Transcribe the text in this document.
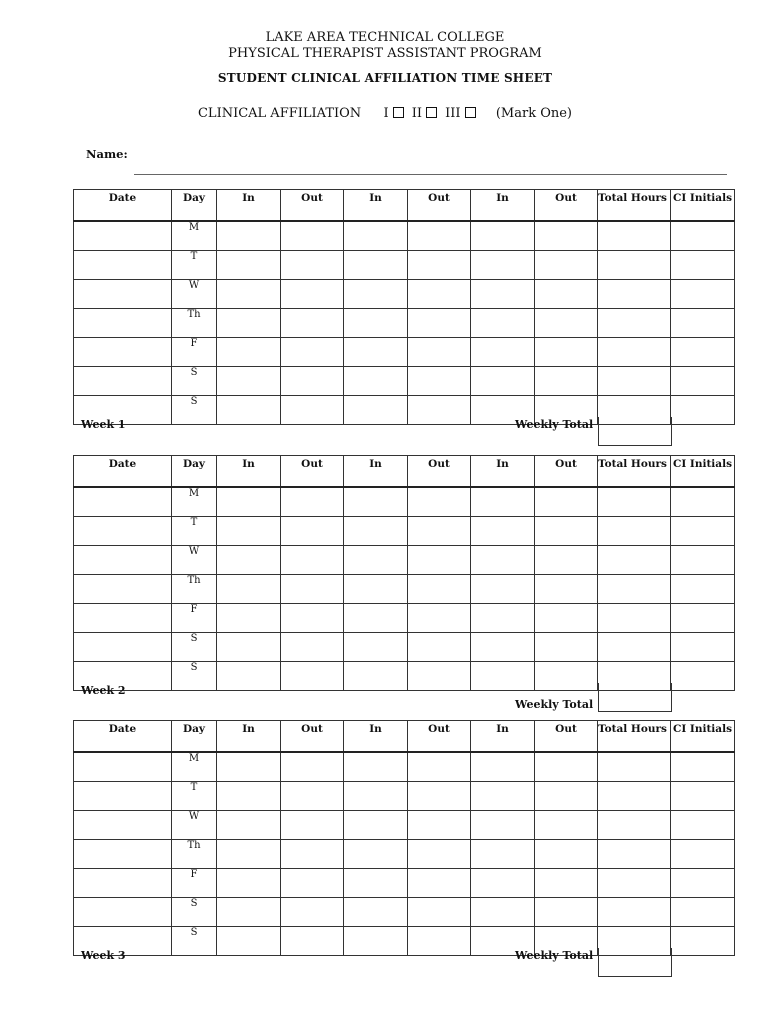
LAKE AREA TECHNICAL COLLEGE
PHYSICAL THERAPIST ASSISTANT PROGRAM
STUDENT CLINICAL AFFILIATION TIME SHEET
CLINICAL AFFILIATION I II III	(Mark One)
Name:
Date	Day	In	Out	In	Out	In	Out	Total Hours	CI Initials
	M								
	T								
	W								
	Th								
	F								
	S								
	S								
Week 1	Weekly Total
Date	Day	In	Out	In	Out	In	Out	Total Hours	CI Initials
	M								
	T								
	W								
	Th								
	F								
	S								
	S								
Week 2
Weekly Total
Date	Day	In	Out	In	Out	In	Out	Total Hours	CI Initials
	M								
	T								
	W								
	Th								
	F								
	S								
	S								
Week 3	Weekly Total
